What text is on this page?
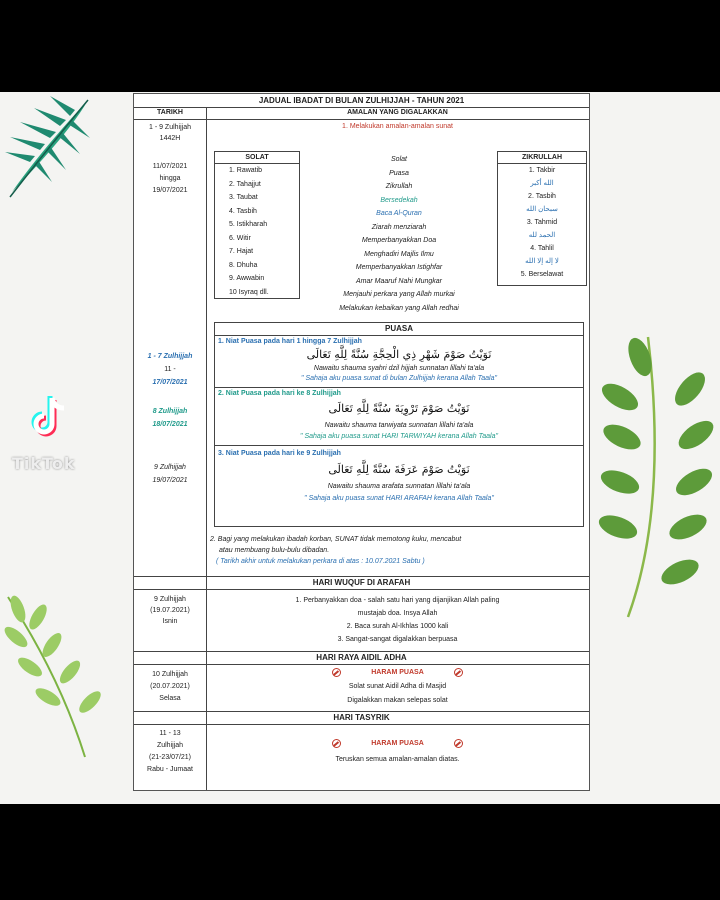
TikTok
JADUAL IBADAT DI BULAN ZULHIJJAH - TAHUN 2021
TARIKH	AMALAN YANG DIGALAKKAN
1 - 9 Zulhijjah
1442H
11/07/2021
hingga
19/07/2021
1. Melakukan amalan-amalan sunat
SOLAT
1. Rawatib
2. Tahajjut
3. Taubat
4. Tasbih
5. Istikharah
6. Witir
7. Hajat
8. Dhuha
9. Awwabin
10 Isyraq dll.
Solat
Puasa
Zikrullah
Bersedekah
Baca Al-Quran
Ziarah menziarah
Memperbanyakkan Doa
Menghadiri Majlis Ilmu
Memperbanyakkan Istighfar
Amar Maaruf Nahi Mungkar
Menjauhi perkara yang Allah murkai
Melakukan kebaikan yang Allah redhai
ZIKRULLAH
1. Takbir
الله أكبر
2. Tasbih
سبحان الله
3. Tahmid
الحمد لله
4. Tahlil
لا إله إلا الله
5. Berselawat
1 - 7 Zulhijjah
11 -
17/07/2021
8 Zulhijjah
18/07/2021
9 Zulhijjah
19/07/2021
PUASA
1. Niat Puasa pada hari 1 hingga 7 Zulhijjah
نَوَيْتُ صَوْمَ شَهْرِ ذِي الْحِجَّةِ سُنَّةً لِلَّهِ تَعَالَى
Nawaitu shauma syahri dzil hijjah sunnatan lillahi ta'ala
" Sahaja aku puasa sunat di bulan Zulhijjah kerana Allah Taala"
2. Niat Puasa pada hari ke 8 Zulhijjah
نَوَيْتُ صَوْمَ تَرْوِيَةَ سُنَّةً لِلَّهِ تَعَالَى
Nawaitu shauma tarwiyata sunnatan lillahi ta'ala
" Sahaja aku puasa sunat HARI TARWIYAH kerana Allah Taala"
3. Niat Puasa pada hari ke 9 Zulhijjah
نَوَيْتُ صَوْمَ عَرَفَةَ سُنَّةً لِلَّهِ تَعَالَى
Nawaitu shauma arafata sunnatan lillahi ta'ala
" Sahaja aku puasa sunat HARI ARAFAH kerana Allah Taala"
2. Bagi yang melakukan ibadah korban, SUNAT tidak memotong kuku, mencabut
atau membuang bulu-bulu dibadan.
( Tarikh akhir untuk melakukan perkara di atas : 10.07.2021 Sabtu )
HARI WUQUF DI ARAFAH
9 Zulhijjah
(19.07.2021)
Isnin
1. Perbanyakkan doa - salah satu hari yang dijanjikan Allah paling
mustajab doa. Insya Allah
2. Baca surah Al-Ikhlas 1000 kali
3. Sangat-sangat digalakkan berpuasa
HARI RAYA AIDIL ADHA
10 Zulhijjah
(20.07.2021)
Selasa
HARAM PUASA
Solat sunat Aidil Adha di Masjid
Digalakkan makan selepas solat
HARI TASYRIK
11 - 13
Zulhijjah
(21-23/07/21)
Rabu - Jumaat
HARAM PUASA
Teruskan semua amalan-amalan diatas.
